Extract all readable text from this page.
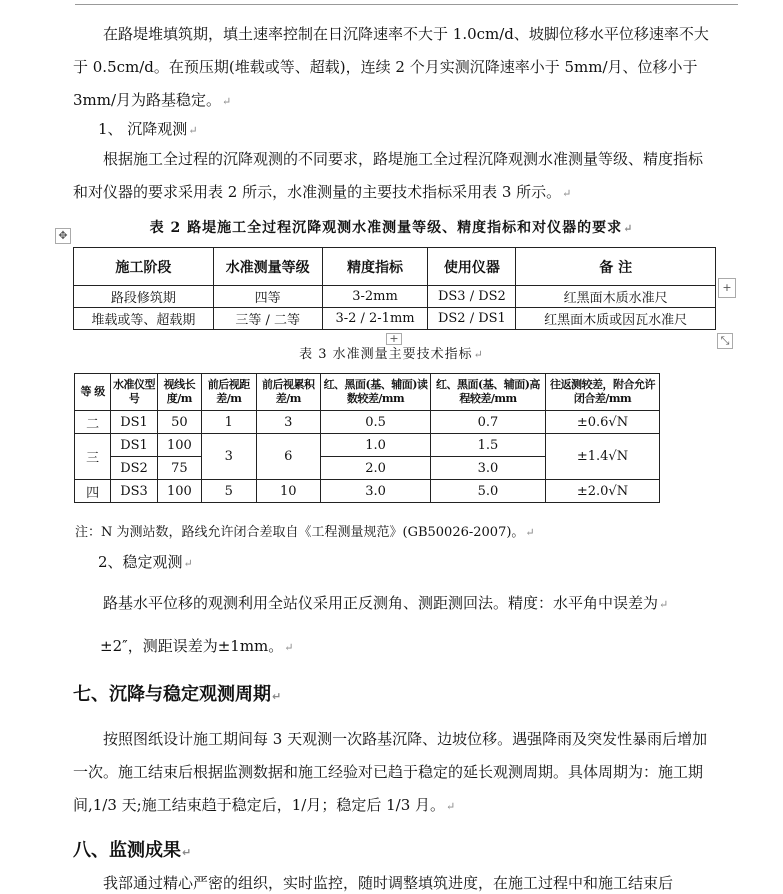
在路堤堆填筑期，填土速率控制在日沉降速率不大于 1.0cm/d、坡脚位移水平位移速率不大于 0.5cm/d。在预压期(堆载或等、超载)，连续 2 个月实测沉降速率小于 5mm/月、位移小于 3mm/月为路基稳定。↵

1、 沉降观测↵

根据施工全过程的沉降观测的不同要求，路堤施工全过程沉降观测水准测量等级、精度指标和对仪器的要求采用表 2 所示，水准测量的主要技术指标采用表 3 所示。↵

✥	表 2 路堤施工全过程沉降观测水准测量等级、精度指标和对仪器的要求↵
施工阶段	水准测量等级	精度指标	使用仪器	备 注
路段修筑期	四等	3-2mm	DS3 / DS2	红黑面木质水准尺
堆载或等、超载期	三等 / 二等	3-2 / 2-1mm	DS2 / DS1	红黑面木质或因瓦水准尺
+
+	⤡
表 3 水准测量主要技术指标↵
等 级	水准仪型号	视线长度/m	前后视距差/m	前后视累积差/m	红、黑面(基、辅面)读数较差/mm	红、黑面(基、辅面)高程较差/mm	往返测较差，附合允许闭合差/mm
二	DS1	50	1	3	0.5	0.7	±0.6√N
三	DS1	100	3	6	1.0	1.5	±1.4√N
	DS2	75			2.0	3.0	
四	DS3	100	5	10	3.0	5.0	±2.0√N
注：N 为测站数，路线允许闭合差取自《工程测量规范》(GB50026-2007)。↵
2、稳定观测↵
路基水平位移的观测利用全站仪采用正反测角、测距测回法。精度：水平角中误差为↵
±2″，测距误差为±1mm。↵
七、沉降与稳定观测周期↵

按照图纸设计施工期间每 3 天观测一次路基沉降、边坡位移。遇强降雨及突发性暴雨后增加一次。施工结束后根据监测数据和施工经验对已趋于稳定的延长观测周期。具体周期为：施工期间,1/3 天;施工结束趋于稳定后，1/月；稳定后 1/3 月。↵

八、监测成果↵
我部通过精心严密的组织，实时监控，随时调整填筑进度，在施工过程中和施工结束后
